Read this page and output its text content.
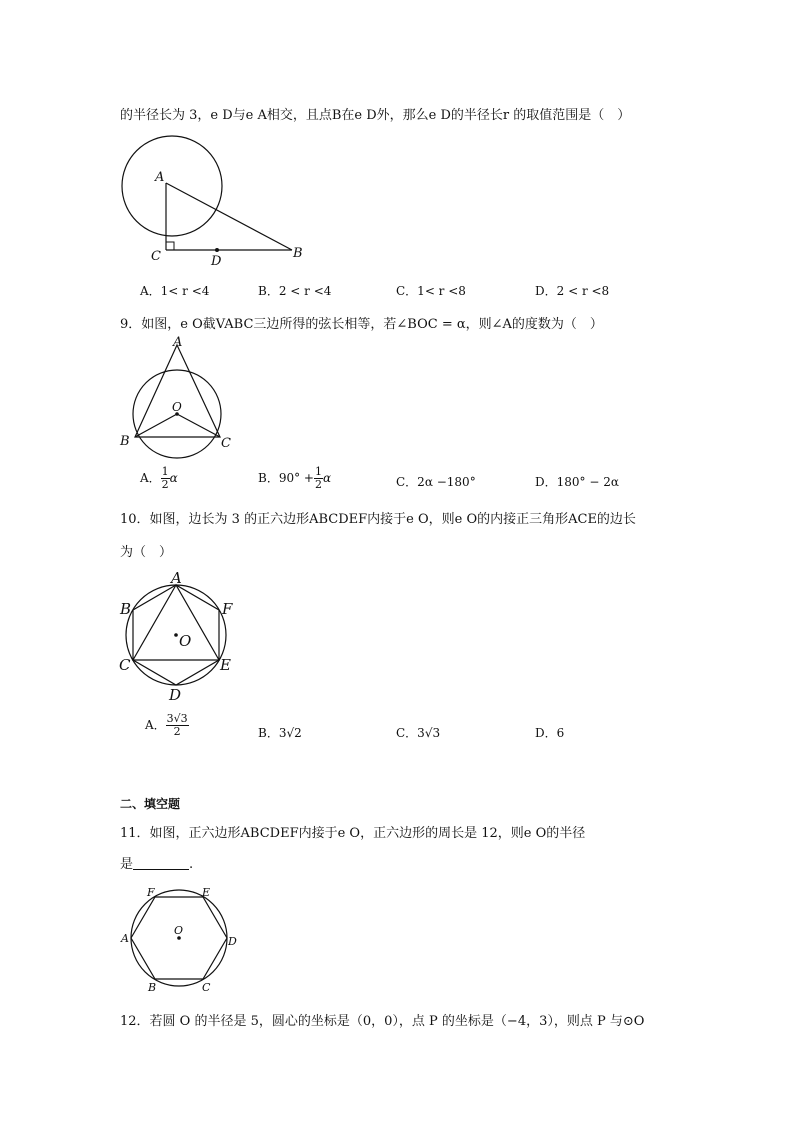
的半径长为 3，e D与e A相交，且点B在e D外，那么e D的半径长r 的取值范围是（　）
A
C	D
B
A．1< r <4	B．2 < r <4	C．1< r <8	D．2 < r <8
9．如图，e O截VABC三边所得的弦长相等，若∠BOC = α，则∠A的度数为（　）
A
O
B	C
A． $\frac{1}{2}$ α	B．$90^\circ + \frac{1}{2}$ α	C．2α −180°	D．180° − 2α
10．如图，边长为 3 的正六边形ABCDEF内接于e O，则e O的内接正三角形ACE的边长
为（　）
A
B	F
O
C	E
D
A． $\frac{3√3}{2}$	B．3√2	C．3√3	D．6
二、填空题
11．如图，正六边形ABCDEF内接于e O，正六边形的周长是 12，则e O的半径
是	.
F	E
O
A	D
B	C
12．若圆 O 的半径是 5，圆心的坐标是（0，0），点 P 的坐标是（−4，3），则点 P 与⊙O
